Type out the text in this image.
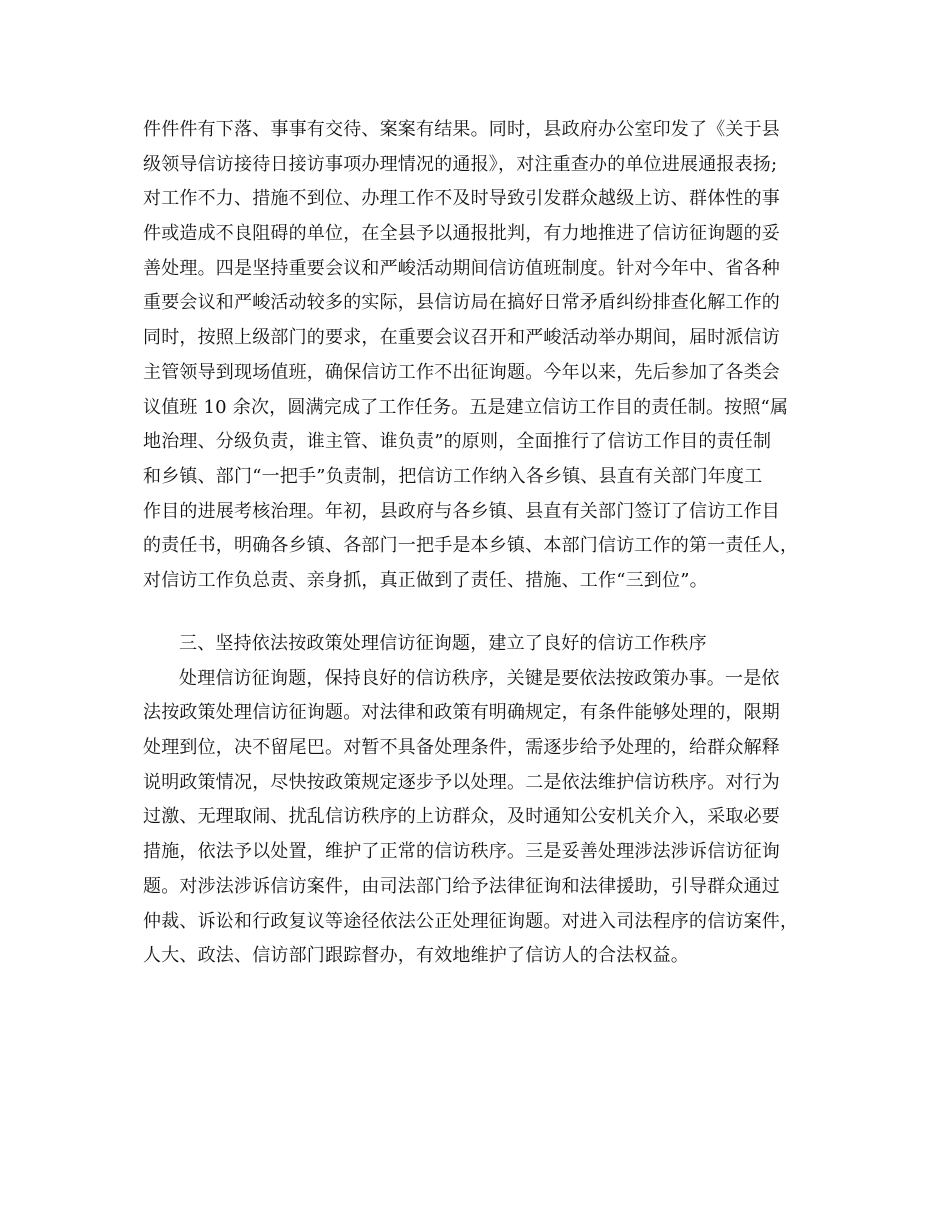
件件件有下落、事事有交待、案案有结果。同时，县政府办公室印发了《关于县
级领导信访接待日接访事项办理情况的通报》，对注重查办的单位进展通报表扬;
对工作不力、措施不到位、办理工作不及时导致引发群众越级上访、群体性的事
件或造成不良阻碍的单位，在全县予以通报批判，有力地推进了信访征询题的妥
善处理。四是坚持重要会议和严峻活动期间信访值班制度。针对今年中、省各种
重要会议和严峻活动较多的实际，县信访局在搞好日常矛盾纠纷排查化解工作的
同时，按照上级部门的要求，在重要会议召开和严峻活动举办期间，届时派信访
主管领导到现场值班，确保信访工作不出征询题。今年以来，先后参加了各类会
议值班 10 余次，圆满完成了工作任务。五是建立信访工作目的责任制。按照“属
地治理、分级负责，谁主管、谁负责”的原则，全面推行了信访工作目的责任制
和乡镇、部门“一把手”负责制，把信访工作纳入各乡镇、县直有关部门年度工
作目的进展考核治理。年初，县政府与各乡镇、县直有关部门签订了信访工作目
的责任书，明确各乡镇、各部门一把手是本乡镇、本部门信访工作的第一责任人，
对信访工作负总责、亲身抓，真正做到了责任、措施、工作“三到位”。
三、坚持依法按政策处理信访征询题，建立了良好的信访工作秩序
处理信访征询题，保持良好的信访秩序，关键是要依法按政策办事。一是依
法按政策处理信访征询题。对法律和政策有明确规定，有条件能够处理的，限期
处理到位，决不留尾巴。对暂不具备处理条件，需逐步给予处理的，给群众解释
说明政策情况，尽快按政策规定逐步予以处理。二是依法维护信访秩序。对行为
过激、无理取闹、扰乱信访秩序的上访群众，及时通知公安机关介入，采取必要
措施，依法予以处置，维护了正常的信访秩序。三是妥善处理涉法涉诉信访征询
题。对涉法涉诉信访案件，由司法部门给予法律征询和法律援助，引导群众通过
仲裁、诉讼和行政复议等途径依法公正处理征询题。对进入司法程序的信访案件，
人大、政法、信访部门跟踪督办，有效地维护了信访人的合法权益。
